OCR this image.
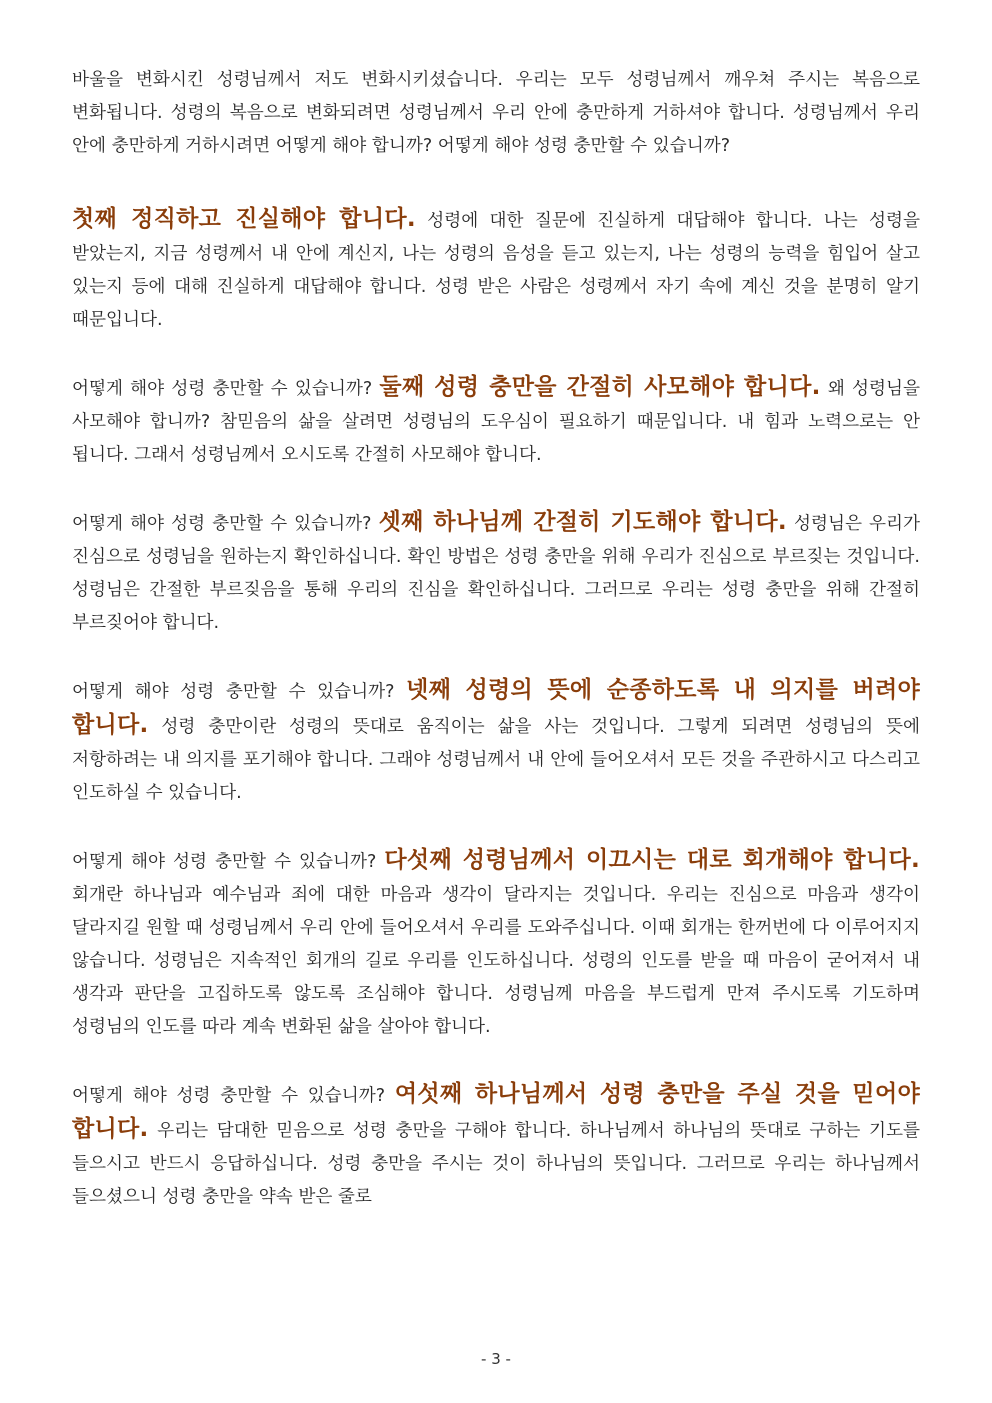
바울을 변화시킨 성령님께서 저도 변화시키셨습니다. 우리는 모두 성령님께서 깨우쳐 주시는 복음으로 변화됩니다. 성령의 복음으로 변화되려면 성령님께서 우리 안에 충만하게 거하셔야 합니다. 성령님께서 우리 안에 충만하게 거하시려면 어떻게 해야 합니까? 어떻게 해야 성령 충만할 수 있습니까?

첫째 정직하고 진실해야 합니다. 성령에 대한 질문에 진실하게 대답해야 합니다. 나는 성령을 받았는지, 지금 성령께서 내 안에 계신지, 나는 성령의 음성을 듣고 있는지, 나는 성령의 능력을 힘입어 살고 있는지 등에 대해 진실하게 대답해야 합니다. 성령 받은 사람은 성령께서 자기 속에 계신 것을 분명히 알기 때문입니다.

어떻게 해야 성령 충만할 수 있습니까? 둘째 성령 충만을 간절히 사모해야 합니다. 왜 성령님을 사모해야 합니까? 참믿음의 삶을 살려면 성령님의 도우심이 필요하기 때문입니다. 내 힘과 노력으로는 안 됩니다. 그래서 성령님께서 오시도록 간절히 사모해야 합니다.

어떻게 해야 성령 충만할 수 있습니까? 셋째 하나님께 간절히 기도해야 합니다. 성령님은 우리가 진심으로 성령님을 원하는지 확인하십니다. 확인 방법은 성령 충만을 위해 우리가 진심으로 부르짖는 것입니다. 성령님은 간절한 부르짖음을 통해 우리의 진심을 확인하십니다. 그러므로 우리는 성령 충만을 위해 간절히 부르짖어야 합니다.

어떻게 해야 성령 충만할 수 있습니까? 넷째 성령의 뜻에 순종하도록 내 의지를 버려야 합니다. 성령 충만이란 성령의 뜻대로 움직이는 삶을 사는 것입니다. 그렇게 되려면 성령님의 뜻에 저항하려는 내 의지를 포기해야 합니다. 그래야 성령님께서 내 안에 들어오셔서 모든 것을 주관하시고 다스리고 인도하실 수 있습니다.

어떻게 해야 성령 충만할 수 있습니까? 다섯째 성령님께서 이끄시는 대로 회개해야 합니다. 회개란 하나님과 예수님과 죄에 대한 마음과 생각이 달라지는 것입니다. 우리는 진심으로 마음과 생각이 달라지길 원할 때 성령님께서 우리 안에 들어오셔서 우리를 도와주십니다. 이때 회개는 한꺼번에 다 이루어지지 않습니다. 성령님은 지속적인 회개의 길로 우리를 인도하십니다. 성령의 인도를 받을 때 마음이 굳어져서 내 생각과 판단을 고집하도록 않도록 조심해야 합니다. 성령님께 마음을 부드럽게 만져 주시도록 기도하며 성령님의 인도를 따라 계속 변화된 삶을 살아야 합니다.

어떻게 해야 성령 충만할 수 있습니까? 여섯째 하나님께서 성령 충만을 주실 것을 믿어야 합니다. 우리는 담대한 믿음으로 성령 충만을 구해야 합니다. 하나님께서 하나님의 뜻대로 구하는 기도를 들으시고 반드시 응답하십니다. 성령 충만을 주시는 것이 하나님의 뜻입니다. 그러므로 우리는 하나님께서 들으셨으니 성령 충만을 약속 받은 줄로

- 3 -
